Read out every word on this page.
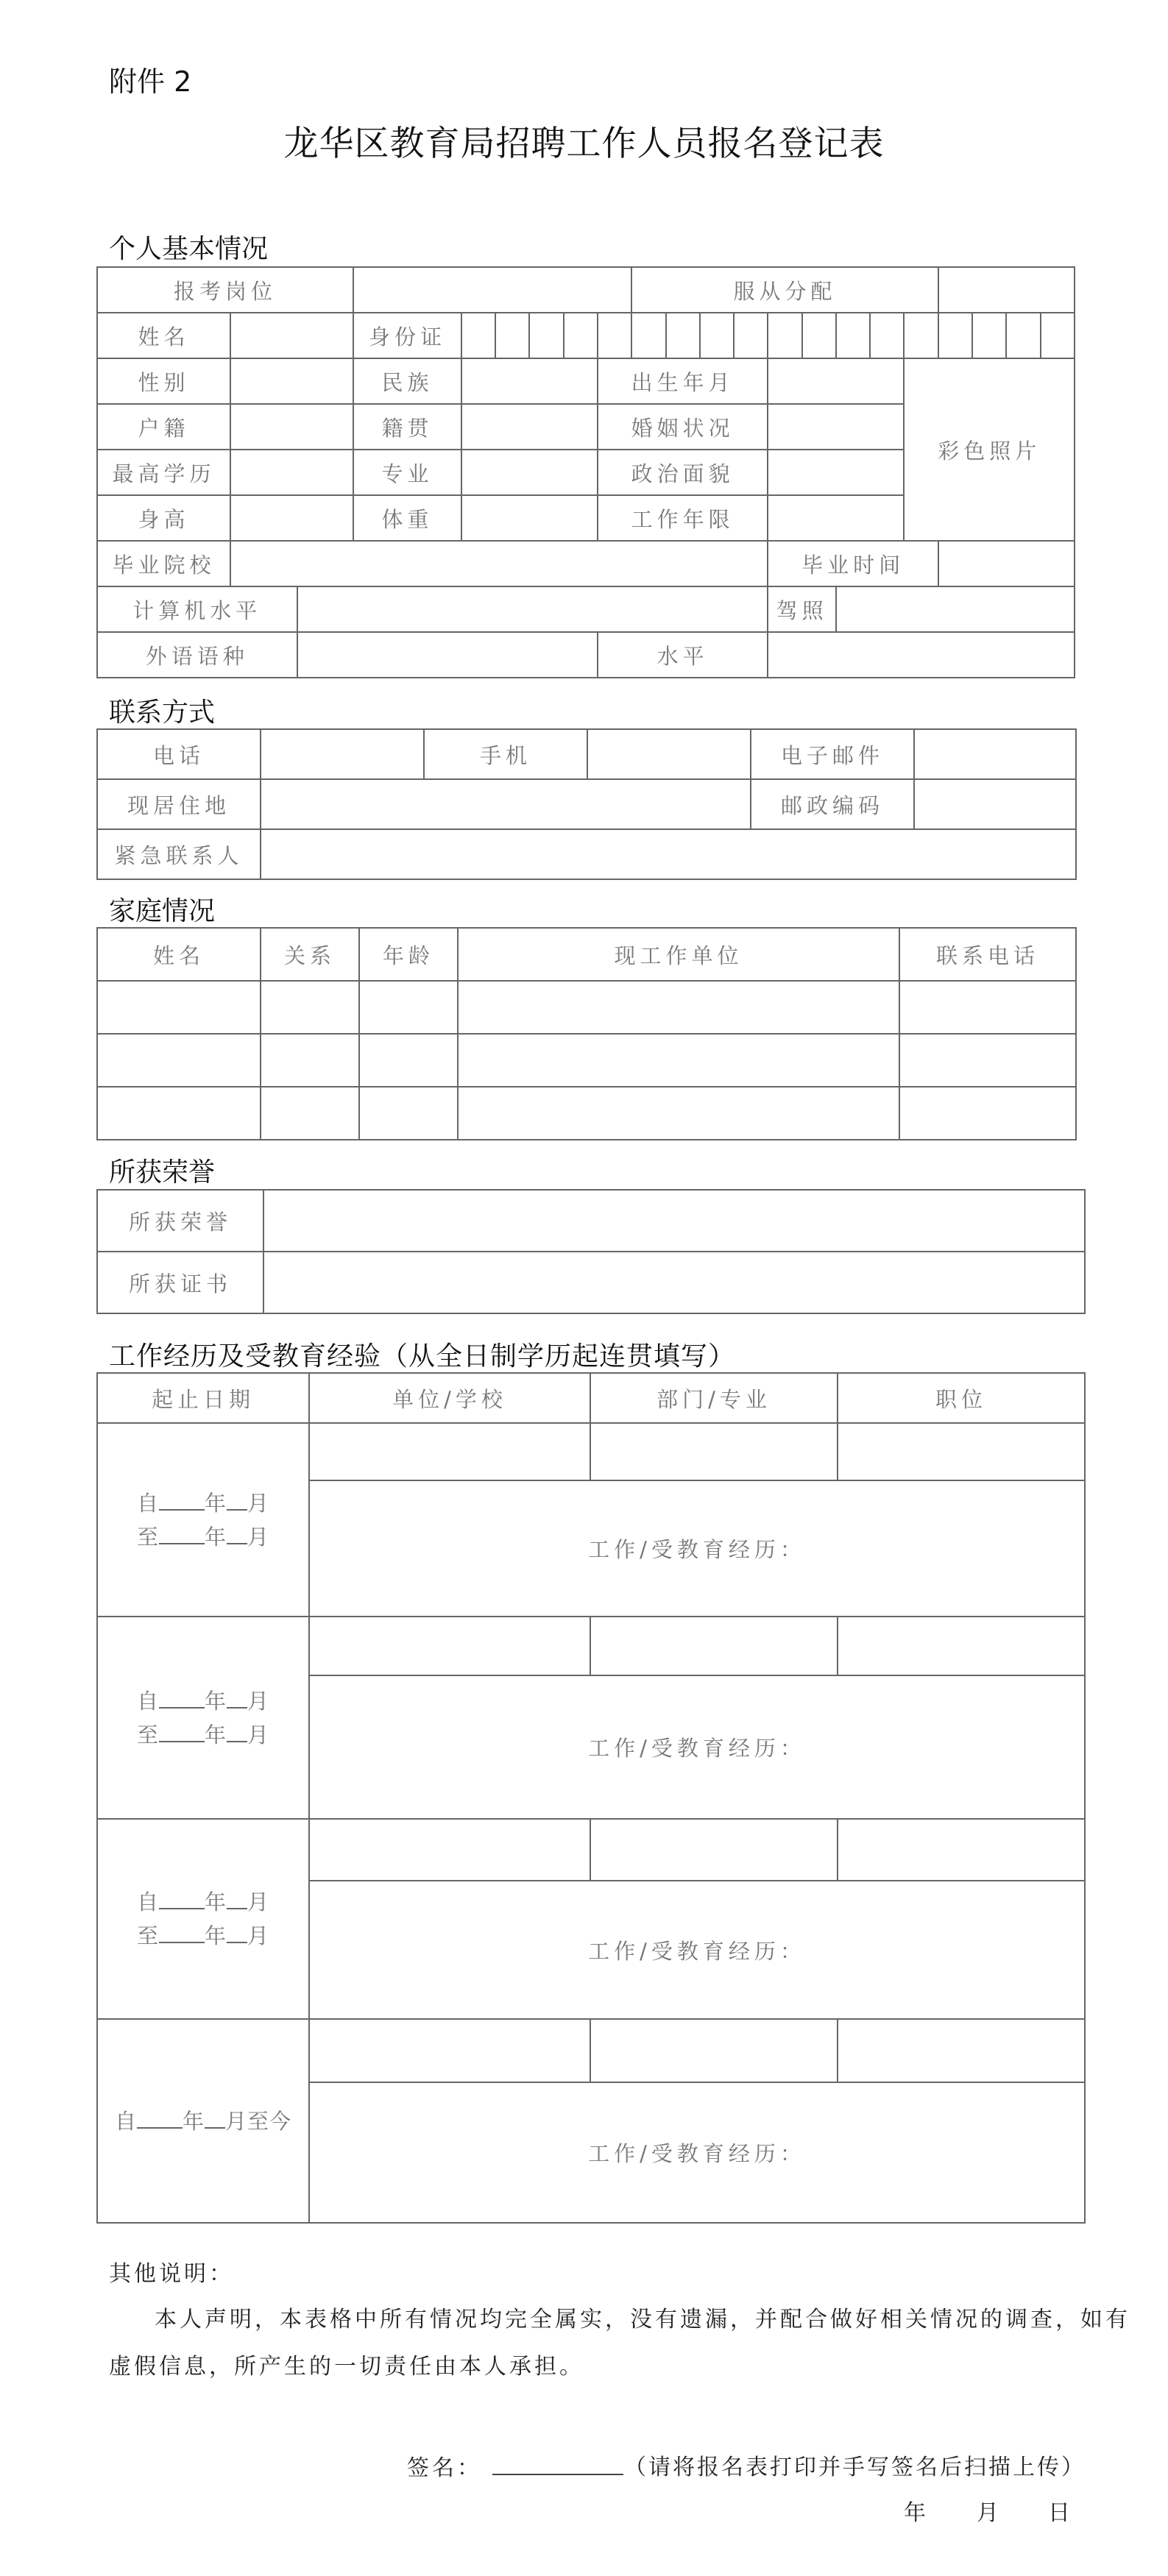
附件 2
龙华区教育局招聘工作人员报名登记表
个人基本情况
报考岗位									服从分配												
姓名			身份证																		
性别			民族					出生年月									彩色照片				
户籍			籍贯					婚姻状况													
最高学历			专业					政治面貌													
身高			体重					工作年限													
毕业院校													毕业时间								
计算机水平													驾照								
外语语种								水平													
联系方式
电话		手机		电子邮件	
现居住地				邮政编码	
紧急联系人					
家庭情况
姓名	关系	年龄	现工作单位	联系电话

所获荣誉
所获荣誉	
所获证书	
工作经历及受教育经验（从全日制学历起连贯填写）
起止日期	单位/学校	部门/专业	职位
自 年 月
至 年 月			
	工作/受教育经历：		
自 年 月
至 年 月			
	工作/受教育经历：		
自 年 月
至 年 月			
	工作/受教育经历：		
自 年 月至今			
	工作/受教育经历：		
其他说明：
本人声明，本表格中所有情况均完全属实，没有遗漏，并配合做好相关情况的调查，如有
虚假信息，所产生的一切责任由本人承担。
签名：	（请将报名表打印并手写签名后扫描上传）
年 月 日
